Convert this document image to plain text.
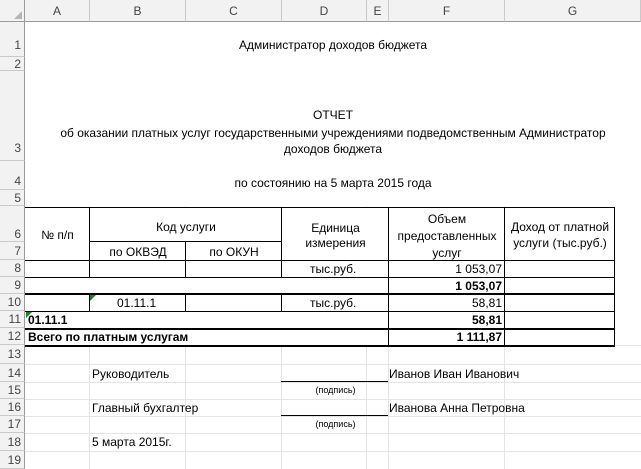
A	B	C	D	E	F	G
1
2
3
4
5
6
7
8
9
10
11
12
13
14
15
16
17
18
19
Администратор доходов бюджета
ОТЧЕТ
об оказании платных услуг государственными учреждениями подведомственным Администратор
доходов бюджета
по состоянию на 5 марта 2015 года
№ п/п
Код услуги
по ОКВЭД	по ОКУН
Единица
измерения
Объем
предоставленных
услуг
Доход от платной
услуги (тыс.руб.)
тыс.руб.	1 053,07
1 053,07
01.11.1	тыс.руб.	58,81
01.11.1	58,81
Всего по платным услугам	1 111,87
Руководитель	Иванов Иван Иванович
(подпись)
Главный бухгалтер	Иванова Анна Петровна
(подпись)
5 марта 2015г.
